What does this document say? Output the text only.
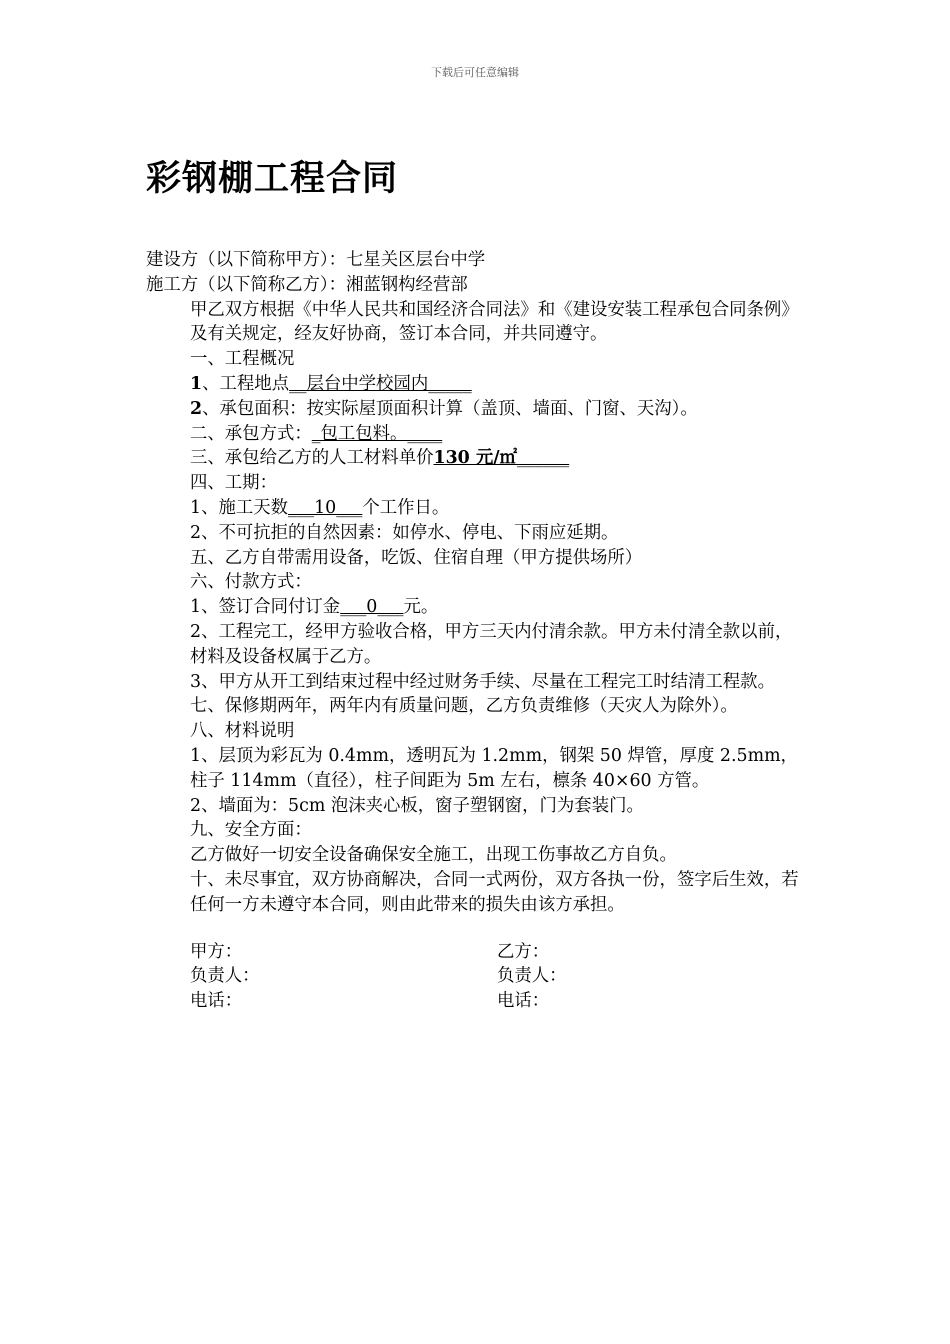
下载后可任意编辑
彩钢棚工程合同

建设方（以下简称甲方）：七星关区层台中学

施工方（以下简称乙方）：湘蓝钢构经营部

甲乙双方根据《中华人民共和国经济合同法》和《建设安装工程承包合同条例》及有关规定，经友好协商，签订本合同，并共同遵守。

一、工程概况

1、工程地点__层台中学校园内_____

2、承包面积：按实际屋顶面积计算（盖顶、墙面、门窗、天沟）。

二、承包方式：_包工包料。____

三、承包给乙方的人工材料单价130 元/㎡______

四、工期：

1、施工天数___10___个工作日。

2、不可抗拒的自然因素：如停水、停电、下雨应延期。

五、乙方自带需用设备，吃饭、住宿自理（甲方提供场所）

六、付款方式：

1、签订合同付订金___0___元。

2、工程完工，经甲方验收合格，甲方三天内付清余款。甲方未付清全款以前，材料及设备权属于乙方。

3、甲方从开工到结束过程中经过财务手续、尽量在工程完工时结清工程款。

七、保修期两年，两年内有质量问题，乙方负责维修（天灾人为除外）。

八、材料说明

1、层顶为彩瓦为 0.4mm，透明瓦为 1.2mm，钢架 50 焊管，厚度 2.5mm，柱子 114mm（直径），柱子间距为 5m 左右，檩条 40×60 方管。

2、墙面为：5cm 泡沫夹心板，窗子塑钢窗，门为套装门。

九、安全方面：

乙方做好一切安全设备确保安全施工，出现工伤事故乙方自负。

十、未尽事宜，双方协商解决，合同一式两份，双方各执一份，签字后生效，若任何一方未遵守本合同，则由此带来的损失由该方承担。

甲方：	乙方：
负责人：	负责人：
电话：	电话：
